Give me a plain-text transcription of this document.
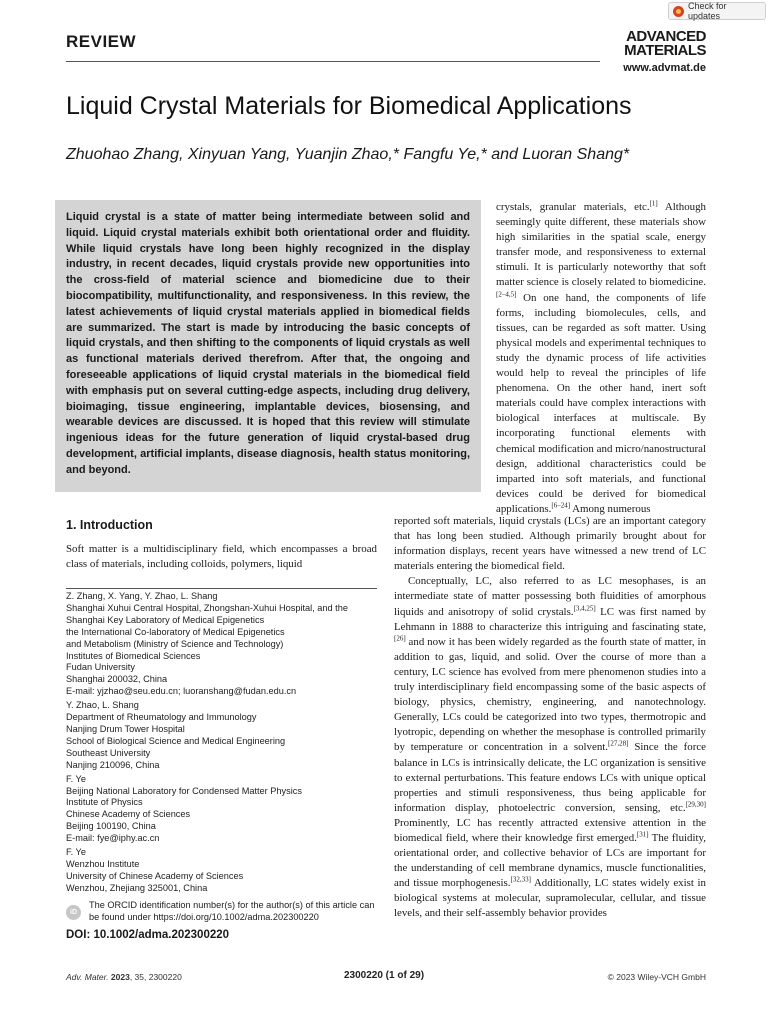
Check for updates
REVIEW	ADVANCED
MATERIALS
www.advmat.de
Liquid Crystal Materials for Biomedical Applications
Zhuohao Zhang, Xinyuan Yang, Yuanjin Zhao,* Fangfu Ye,* and Luoran Shang*
Liquid crystal is a state of matter being intermediate between solid and liquid. Liquid crystal materials exhibit both orientational order and fluidity. While liquid crystals have long been highly recognized in the display industry, in recent decades, liquid crystals provide new opportunities into the cross-field of material science and biomedicine due to their biocompatibility, multifunctionality, and responsiveness. In this review, the latest achievements of liquid crystal materials applied in biomedical fields are summarized. The start is made by introducing the basic concepts of liquid crystals, and then shifting to the components of liquid crystals as well as functional materials derived therefrom. After that, the ongoing and foreseeable applications of liquid crystal materials in the biomedical field with emphasis put on several cutting-edge aspects, including drug delivery, bioimaging, tissue engineering, implantable devices, biosensing, and wearable devices are discussed. It is hoped that this review will stimulate ingenious ideas for the future generation of liquid crystal-based drug development, artificial implants, disease diagnosis, health status monitoring, and beyond.
crystals, granular materials, etc.[1] Although seemingly quite different, these materials show high similarities in the spatial scale, energy transfer mode, and responsiveness to external stimuli. It is particularly noteworthy that soft matter science is closely related to biomedicine.[2–4,5] On one hand, the components of life forms, including biomolecules, cells, and tissues, can be regarded as soft matter. Using physical models and experimental techniques to study the dynamic process of life activities would help to reveal the principles of life phenomena. On the other hand, inert soft materials could have complex interactions with biological interfaces at multiscale. By incorporating functional elements with chemical modification and micro/nanostructural design, additional characteristics could be imparted into soft materials, and functional devices could be derived for biomedical applications.[6–24] Among numerous
reported soft materials, liquid crystals (LCs) are an important category that has long been studied. Although primarily brought about for information displays, recent years have witnessed a new trend of LC materials entering the biomedical field.
Conceptually, LC, also referred to as LC mesophases, is an intermediate state of matter possessing both fluidities of amorphous liquids and anisotropy of solid crystals.[3,4,25] LC was first named by Lehmann in 1888 to characterize this intriguing and fascinating state,[26] and now it has been widely regarded as the fourth state of matter, in addition to gas, liquid, and solid. Over the course of more than a century, LC science has evolved from mere phenomenon studies into a truly interdisciplinary field encompassing some of the basic aspects of biology, physics, chemistry, engineering, and nanotechnology. Generally, LCs could be categorized into two types, thermotropic and lyotropic, depending on whether the mesophase is controlled primarily by temperature or concentration in a solvent.[27,28] Since the force balance in LCs is intrinsically delicate, the LC organization is sensitive to external perturbations. This feature endows LCs with unique optical properties and stimuli responsiveness, thus being applicable for information display, photoelectric conversion, sensing, etc.[29,30] Prominently, LC has recently attracted extensive attention in the biomedical field, where their knowledge first emerged.[31] The fluidity, orientational order, and collective behavior of LCs are important for the understanding of cell membrane dynamics, muscle functionalities, and tissue morphogenesis.[32,33] Additionally, LC states widely exist in biological systems at molecular, supramolecular, cellular, and tissue levels, and their self-assembly behavior provides
1. Introduction
Soft matter is a multidisciplinary field, which encompasses a broad class of materials, including colloids, polymers, liquid
Z. Zhang, X. Yang, Y. Zhao, L. Shang
Shanghai Xuhui Central Hospital, Zhongshan-Xuhui Hospital, and the
Shanghai Key Laboratory of Medical Epigenetics
the International Co-laboratory of Medical Epigenetics
and Metabolism (Ministry of Science and Technology)
Institutes of Biomedical Sciences
Fudan University
Shanghai 200032, China
E-mail: yjzhao@seu.edu.cn; luoranshang@fudan.edu.cn
Y. Zhao, L. Shang
Department of Rheumatology and Immunology
Nanjing Drum Tower Hospital
School of Biological Science and Medical Engineering
Southeast University
Nanjing 210096, China
F. Ye
Beijing National Laboratory for Condensed Matter Physics
Institute of Physics
Chinese Academy of Sciences
Beijing 100190, China
E-mail: fye@iphy.ac.cn
F. Ye
Wenzhou Institute
University of Chinese Academy of Sciences
Wenzhou, Zhejiang 325001, China
iD
The ORCID identification number(s) for the author(s) of this article can be found under https://doi.org/10.1002/adma.202300220
DOI: 10.1002/adma.202300220
Adv. Mater. 2023, 35, 2300220	2300220 (1 of 29)	© 2023 Wiley-VCH GmbH
